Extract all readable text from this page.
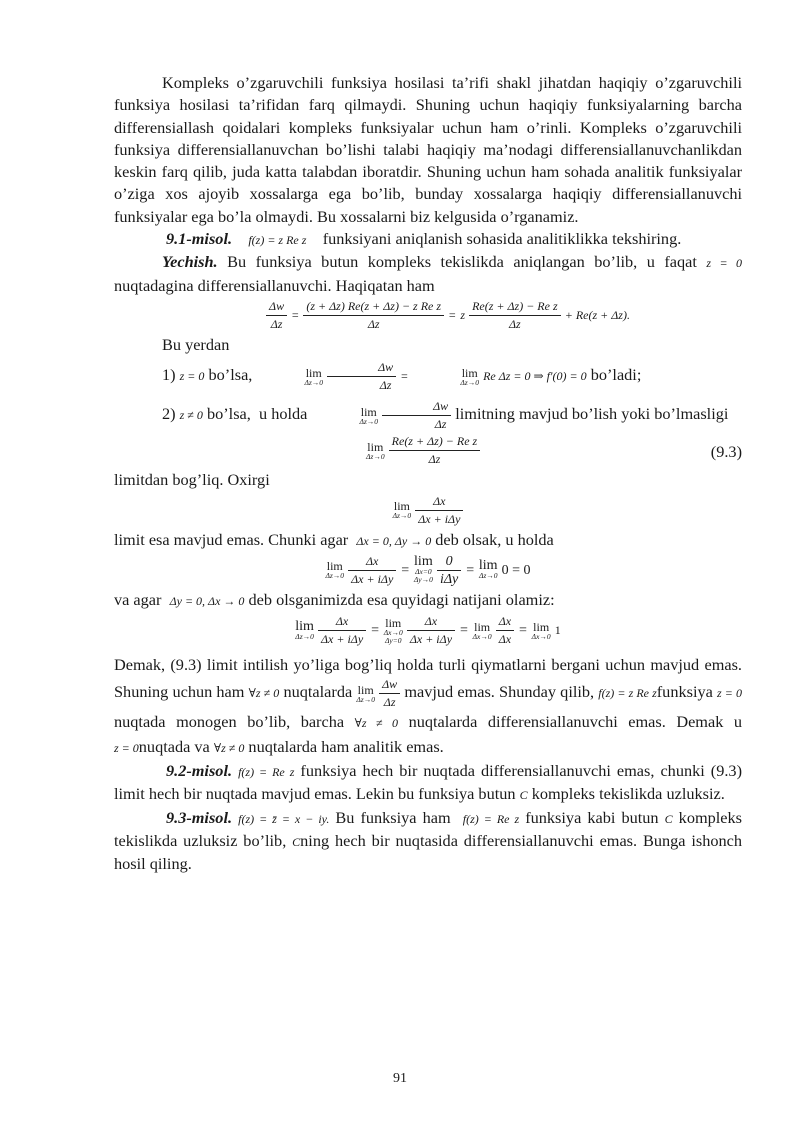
Kompleks o’zgaruvchili funksiya hosilasi ta’rifi shakl jihatdan haqiqiy o’zgaruvchili funksiya hosilasi ta’rifidan farq qilmaydi. Shuning uchun haqiqiy funksiyalarning barcha differensiallash qoidalari kompleks funksiyalar uchun ham o’rinli. Kompleks o’zgaruvchili funksiya differensiallanuvchan bo’lishi talabi haqiqiy ma’nodagi differensiallanuvchanlikdan keskin farq qilib, juda katta talabdan iboratdir. Shuning uchun ham sohada analitik funksiyalar o’ziga xos ajoyib xossalarga ega bo’lib, bunday xossalarga haqiqiy differensiallanuvchi funksiyalar ega bo’la olmaydi. Bu xossalarni biz kelgusida o’rganamiz.

9.1-misol. f(z) = z Re z funksiyani aniqlanish sohasida analitiklikka tekshiring.

Yechish. Bu funksiya butun kompleks tekislikda aniqlangan bo’lib, u faqat z = 0 nuqtadagina differensiallanuvchi. Haqiqatan ham

$\frac{\Delta w}{\Delta z} = \frac{\text{(z + Δz) Re(z + Δz) − z Re z}}{\Delta z} = z \frac{\text{Re(z + Δz) − Re z}}{\Delta z} + Re(z + \Delta z)$.

Bu yerdan

1) z = 0 bo’lsa,	lim
Δz→0
$\frac{\Delta w}{\Delta z}$ =	lim
Δz→0 Re Δz = 0 ⇒ f′(0) = 0 bo’ladi;

2) z ≠ 0 bo’lsa, u holda	lim
Δz→0
$\frac{\Delta w}{\Delta z}$ limitning mavjud bo’lish yoki bo’lmasligi

lim
Δz→0
$\frac{\text{Re(z + Δz) − Re z}}{\Delta z}$	(9.3)

limitdan bog’liq. Oxirgi

lim
Δz→0
$\frac{\Delta x}{\text{Δx + iΔy}}$

limit esa mavjud emas. Chunki agar Δx = 0, Δy → 0 deb olsak, u holda

lim
Δz→0
$\frac{\Delta x}{\text{Δx + iΔy}} = \lim$
Δx=0
Δy→0
$\frac{0}{\text{iΔy}} = \lim$
Δz→0 0 = 0

va agar Δy = 0, Δx → 0 deb olsganimizda esa quyidagi natijani olamiz:

lim
Δz→0
$\frac{\Delta x}{\text{Δx + iΔy}} = \lim$
Δx→0
Δy=0
$\frac{\Delta x}{\text{Δx + iΔy}} = \lim$
Δx→0
$\frac{\Delta x}{\Delta x} = \lim$
Δx→0 1

Demak, (9.3) limit intilish yo’liga bog’liq holda turli qiymatlarni bergani uchun mavjud emas. Shuning uchun ham ∀z ≠ 0 nuqtalarda lim
Δz→0
$\frac{\Delta w}{\Delta z}$ mavjud emas. Shunday qilib, f(z) = z Re zfunksiya z = 0 nuqtada monogen bo’lib, barcha ∀z ≠ 0 nuqtalarda differensiallanuvchi emas. Demak u z = 0nuqtada va ∀z ≠ 0 nuqtalarda ham analitik emas.

9.2-misol. f(z) = Re z funksiya hech bir nuqtada differensiallanuvchi emas, chunki (9.3) limit hech bir nuqtada mavjud emas. Lekin bu funksiya butun C kompleks tekislikda uzluksiz.

9.3-misol. f(z) = z̄ = x − iy. Bu funksiya ham f(z) = Re z funksiya kabi butun C kompleks tekislikda uzluksiz bo’lib, Cning hech bir nuqtasida differensiallanuvchi emas. Bunga ishonch hosil qiling.

91
